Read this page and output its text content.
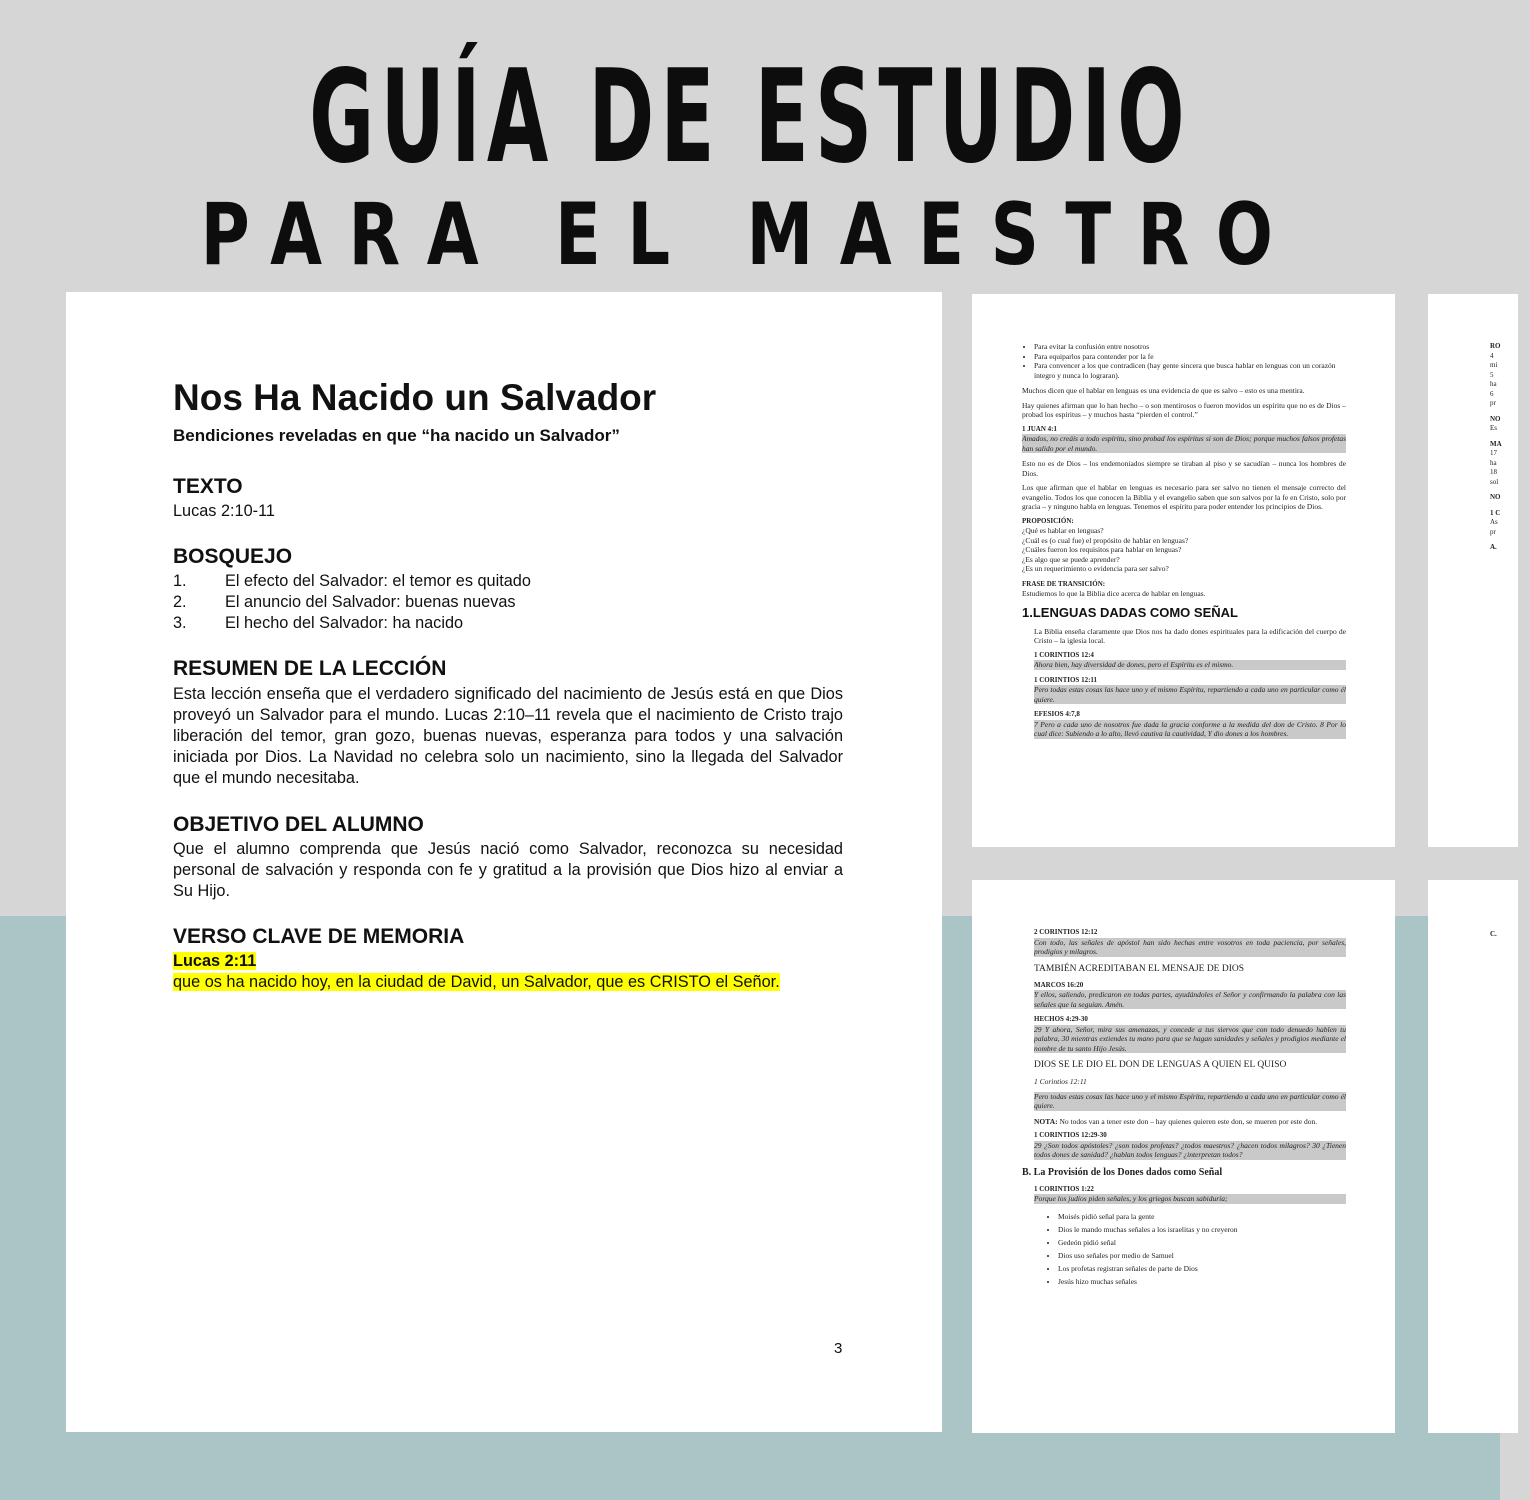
GUÍA DE ESTUDIO
PARA EL MAESTRO
Nos Ha Nacido un Salvador
Bendiciones reveladas en que “ha nacido un Salvador”
TEXTO
Lucas 2:10-11
BOSQUEJO
1. El efecto del Salvador: el temor es quitado
2. El anuncio del Salvador: buenas nuevas
3. El hecho del Salvador: ha nacido
RESUMEN DE LA LECCIÓN
Esta lección enseña que el verdadero significado del nacimiento de Jesús está en que Dios proveyó un Salvador para el mundo. Lucas 2:10–11 revela que el nacimiento de Cristo trajo liberación del temor, gran gozo, buenas nuevas, esperanza para todos y una salvación iniciada por Dios. La Navidad no celebra solo un nacimiento, sino la llegada del Salvador que el mundo necesitaba.
OBJETIVO DEL ALUMNO
Que el alumno comprenda que Jesús nació como Salvador, reconozca su necesidad personal de salvación y responda con fe y gratitud a la provisión que Dios hizo al enviar a Su Hijo.
VERSO CLAVE DE MEMORIA
Lucas 2:11
que os ha nacido hoy, en la ciudad de David, un Salvador, que es CRISTO el Señor.
3
• Para evitar la confusión entre nosotros
• Para equiparlos para contender por la fe
• Para convencer a los que contradicen (hay gente sincera que busca hablar en lenguas con un corazón íntegro y nunca lo lograran).

Muchos dicen que el hablar en lenguas es una evidencia de que es salvo – esto es una mentira.

Hay quienes afirman que lo han hecho – o son mentirosos o fueron movidos un espíritu que no es de Dios – probad los espíritus – y muchos hasta “pierden el control.”

1 JUAN 4:1

Amados, no creáis a todo espíritu, sino probad los espíritus si son de Dios; porque muchos falsos profetas han salido por el mundo.

Esto no es de Dios – los endemoniados siempre se tiraban al piso y se sacudían – nunca los hombres de Dios.

Los que afirman que el hablar en lenguas es necesario para ser salvo no tienen el mensaje correcto del evangelio. Todos los que conocen la Biblia y el evangelio saben que son salvos por la fe en Cristo, solo por gracia – y ninguno habla en lenguas. Tenemos el espíritu para poder entender los principios de Dios.

PROPOSICIÓN:

¿Qué es hablar en lenguas?
¿Cuál es (o cual fue) el propósito de hablar en lenguas?
¿Cuáles fueron los requisitos para hablar en lenguas?
¿Es algo que se puede aprender?
¿Es un requerimiento o evidencia para ser salvo?

FRASE DE TRANSICIÓN:

Estudiemos lo que la Biblia dice acerca de hablar en lenguas.

1.LENGUAS DADAS COMO SEÑAL

La Biblia enseña claramente que Dios nos ha dado dones espirituales para la edificación del cuerpo de Cristo – la iglesia local.

1 CORINTIOS 12:4

Ahora bien, hay diversidad de dones, pero el Espíritu es el mismo.

1 CORINTIOS 12:11

Pero todas estas cosas las hace uno y el mismo Espíritu, repartiendo a cada uno en particular como él quiere.

EFESIOS 4:7,8

7 Pero a cada uno de nosotros fue dada la gracia conforme a la medida del don de Cristo. 8 Por lo cual dice: Subiendo a lo alto, llevó cautiva la cautividad, Y dio dones a los hombres.

2 CORINTIOS 12:12

Con todo, las señales de apóstol han sido hechas entre vosotros en toda paciencia, por señales, prodigios y milagros.

TAMBIÉN ACREDITABAN EL MENSAJE DE DIOS

MARCOS 16:20

Y ellos, saliendo, predicaron en todas partes, ayudándoles el Señor y confirmando la palabra con las señales que la seguían. Amén.

HECHOS 4:29-30

29 Y ahora, Señor, mira sus amenazas, y concede a tus siervos que con todo denuedo hablen tu palabra, 30 mientras extiendes tu mano para que se hagan sanidades y señales y prodigios mediante el nombre de tu santo Hijo Jesús.

DIOS SE LE DIO EL DON DE LENGUAS A QUIEN EL QUISO

1 Corintios 12:11

Pero todas estas cosas las hace uno y el mismo Espíritu, repartiendo a cada uno en particular como él quiere.

NOTA: No todos van a tener este don – hay quienes quieren este don, se mueren por este don.

1 CORINTIOS 12:29-30

29 ¿Son todos apóstoles? ¿son todos profetas? ¿todos maestros? ¿hacen todos milagros? 30 ¿Tienen todos dones de sanidad? ¿hablan todos lenguas? ¿interpretan todos?

B. La Provisión de los Dones dados como Señal

1 CORINTIOS 1:22

Porque los judíos piden señales, y los griegos buscan sabiduría;

• Moisés pidió señal para la gente
• Dios le mando muchas señales a los israelitas y no creyeron
• Gedeón pidió señal
• Dios uso señales por medio de Samuel
• Los profetas registran señales de parte de Dios
• Jesús hizo muchas señales
RO
4
mi
5
ha
6
pr
NO
Es
MA
17
ha
18
sol
NO
1 C
As
pr
A.
C.
